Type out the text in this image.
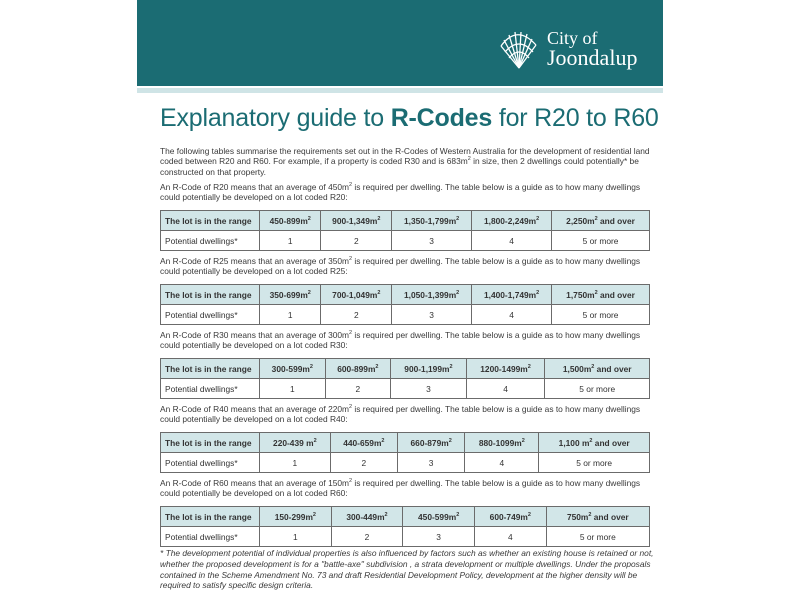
City of
Joondalup
Explanatory guide to R-Codes for R20 to R60
The following tables summarise the requirements set out in the R-Codes of Western Australia for the development of residential land coded between R20 and R60. For example, if a property is coded R30 and is $683m^2$ in size, then 2 dwellings could potentially* be constructed on that property.
An R-Code of R20 means that an average of $450m^2$ is required per dwelling. The table below is a guide as to how many dwellings could potentially be developed on a lot coded R20:
The lot is in the range	$450-899m^2$	$900-1,349m^2$	$1,350-1,799m^2$	$1,800-2,249m^2$	$2,250m^2$ and over
Potential dwellings*	1	2	3	4	5 or more
An R-Code of R25 means that an average of $350m^2$ is required per dwelling. The table below is a guide as to how many dwellings could potentially be developed on a lot coded R25:
The lot is in the range	$350-699m^2$	$700-1,049m^2$	$1,050-1,399m^2$	$1,400-1,749m^2$	$1,750m^2$ and over
Potential dwellings*	1	2	3	4	5 or more
An R-Code of R30 means that an average of $300m^2$ is required per dwelling. The table below is a guide as to how many dwellings could potentially be developed on a lot coded R30:
The lot is in the range	$300-599m^2$	$600-899m^2$	$900-1,199m^2$	$1200-1499m^2$	$1,500m^2$ and over
Potential dwellings*	1	2	3	4	5 or more
An R-Code of R40 means that an average of $220m^2$ is required per dwelling. The table below is a guide as to how many dwellings could potentially be developed on a lot coded R40:
The lot is in the range	220-439 $m^2$	$440-659m^2$	$660-879m^2$	$880-1099m^2$	1,100 $m^2$ and over
Potential dwellings*	1	2	3	4	5 or more
An R-Code of R60 means that an average of $150m^2$ is required per dwelling. The table below is a guide as to how many dwellings could potentially be developed on a lot coded R60:
The lot is in the range	$150-299m^2$	$300-449m^2$	$450-599m^2$	$600-749m^2$	$750m^2$ and over
Potential dwellings*	1	2	3	4	5 or more
* The development potential of individual properties is also influenced by factors such as whether an existing house is retained or not, whether the proposed development is for a "battle-axe" subdivision , a strata development or multiple dwellings. Under the proposals contained in the Scheme Amendment No. 73 and draft Residential Development Policy, development at the higher density will be required to satisfy specific design criteria.
